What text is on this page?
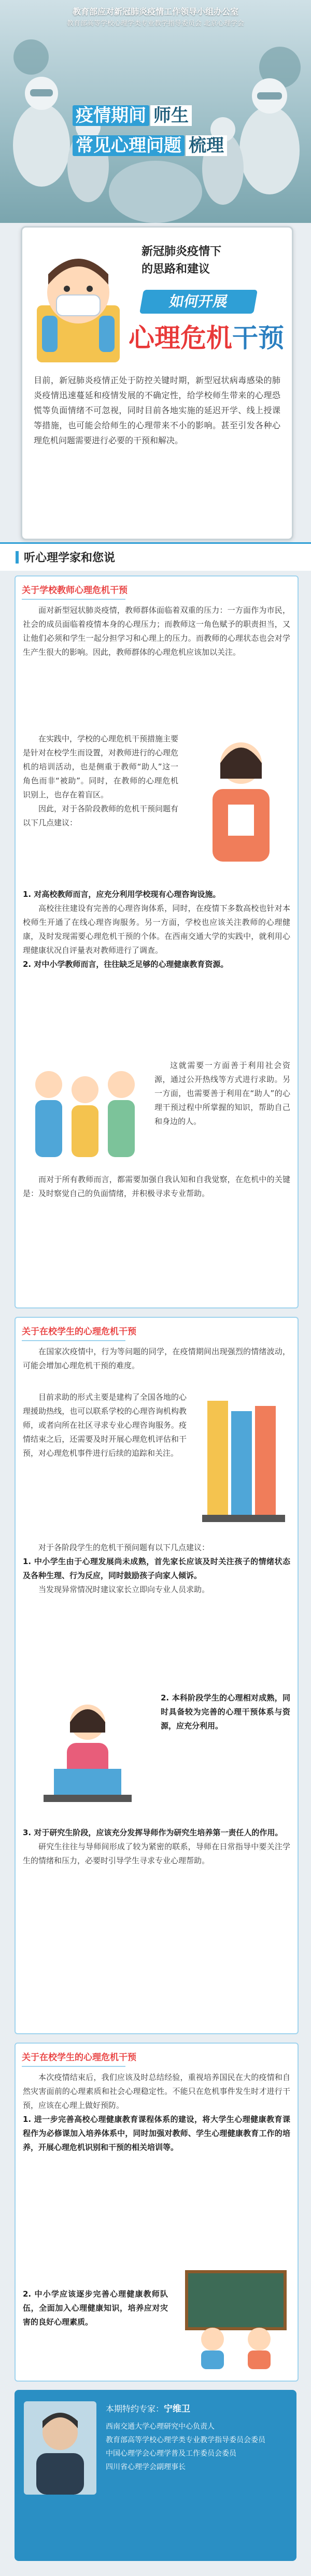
教育部应对新冠肺炎疫情工作领导小组办公室
教育部高等学校心理学类专业教学指导委员会 北京心理学会
疫情期间 师生
常见心理问题 梳理
新冠肺炎疫情下
的思路和建议
如何开展
心理危机干预
目前，新冠肺炎疫情正处于防控关键时期，新型冠状病毒感染的肺炎疫情迅速蔓延和疫情发展的不确定性，给学校师生带来的心理恐慌等负面情绪不可忽视，同时目前各地实施的延迟开学、线上授课等措施，也可能会给师生的心理带来不小的影响。甚至引发各种心理危机问题需要进行必要的干预和解决。
听心理学家和您说
关于学校教师心理危机干预

面对新型冠状肺炎疫情，教师群体面临着双重的压力：一方面作为市民，社会的成员面临着疫情本身的心理压力；而教师这一角色赋予的职责担当，又让他们必须和学生一起分担学习和心理上的压力。而教师的心理状态也会对学生产生很大的影响。因此，教师群体的心理危机应该加以关注。

在实践中，学校的心理危机干预措施主要是针对在校学生而设置，对教师进行的心理危机的培训活动，也是侧重于教师“助人”这一角色而非“被助”。同时，在教师的心理危机识别上，也存在着盲区。

因此，对于各阶段教师的危机干预问题有以下几点建议：

1. 对高校教师而言，应充分利用学校现有心理咨询设施。

高校往往建设有完善的心理咨询体系，同时，在疫情下多数高校也针对本校师生开通了在线心理咨询服务。另一方面，学校也应该关注教师的心理健康，及时发现需要心理危机干预的个体。在西南交通大学的实践中，就利用心理健康状况自评量表对教师进行了调查。

2. 对中小学教师而言，往往缺乏足够的心理健康教育资源。

这就需要一方面善于利用社会资源，通过公开热线等方式进行求助。另一方面，也需要善于利用在“助人”的心理干预过程中所掌握的知识，帮助自己和身边的人。

而对于所有教师而言，都需要加强自我认知和自我觉察，在危机中的关键是：及时察觉自己的负面情绪，并积极寻求专业帮助。

关于在校学生的心理危机干预

在国家次疫情中，行为等问题的同学，在疫情期间出现强烈的情绪波动，可能会增加心理危机干预的难度。

目前求助的形式主要是建构了全国各地的心理援助热线，也可以联系学校的心理咨询机构教师，或者向所在社区寻求专业心理咨询服务。疫情结束之后，还需要及时开展心理危机评估和干预，对心理危机事件进行后续的追踪和关注。

对于各阶段学生的危机干预问题有以下几点建议：

1. 中小学生由于心理发展尚未成熟，首先家长应该及时关注孩子的情绪状态及各种生理、行为反应，同时鼓励孩子向家人倾诉。

当发现异常情况时建议家长立即向专业人员求助。

2. 本科阶段学生的心理相对成熟，同时具备较为完善的心理干预体系与资源，应充分利用。

3. 对于研究生阶段，应该充分发挥导师作为研究生培养第一责任人的作用。

研究生往往与导师间形成了较为紧密的联系，导师在日常指导中要关注学生的情绪和压力，必要时引导学生寻求专业心理帮助。

关于在校学生的心理危机干预

本次疫情结束后，我们应该及时总结经验，重视培养国民在大的疫情和自然灾害面前的心理素质和社会心理稳定性。不能只在危机事件发生时才进行干预，应该在心理上做好预防。

1. 进一步完善高校心理健康教育课程体系的建设，将大学生心理健康教育课程作为必修课加入培养体系中，同时加强对教师、学生心理健康教育工作的培养，开展心理危机识别和干预的相关培训等。

2. 中小学应该逐步完善心理健康教师队伍，全面加入心理健康知识，培养应对灾害的良好心理素质。

本期特约专家：宁维卫
西南交通大学心理研究中心负责人
教育部高等学校心理学类专业教学指导委员会委员
中国心理学会心理学普及工作委员会委员
四川省心理学会副理事长
